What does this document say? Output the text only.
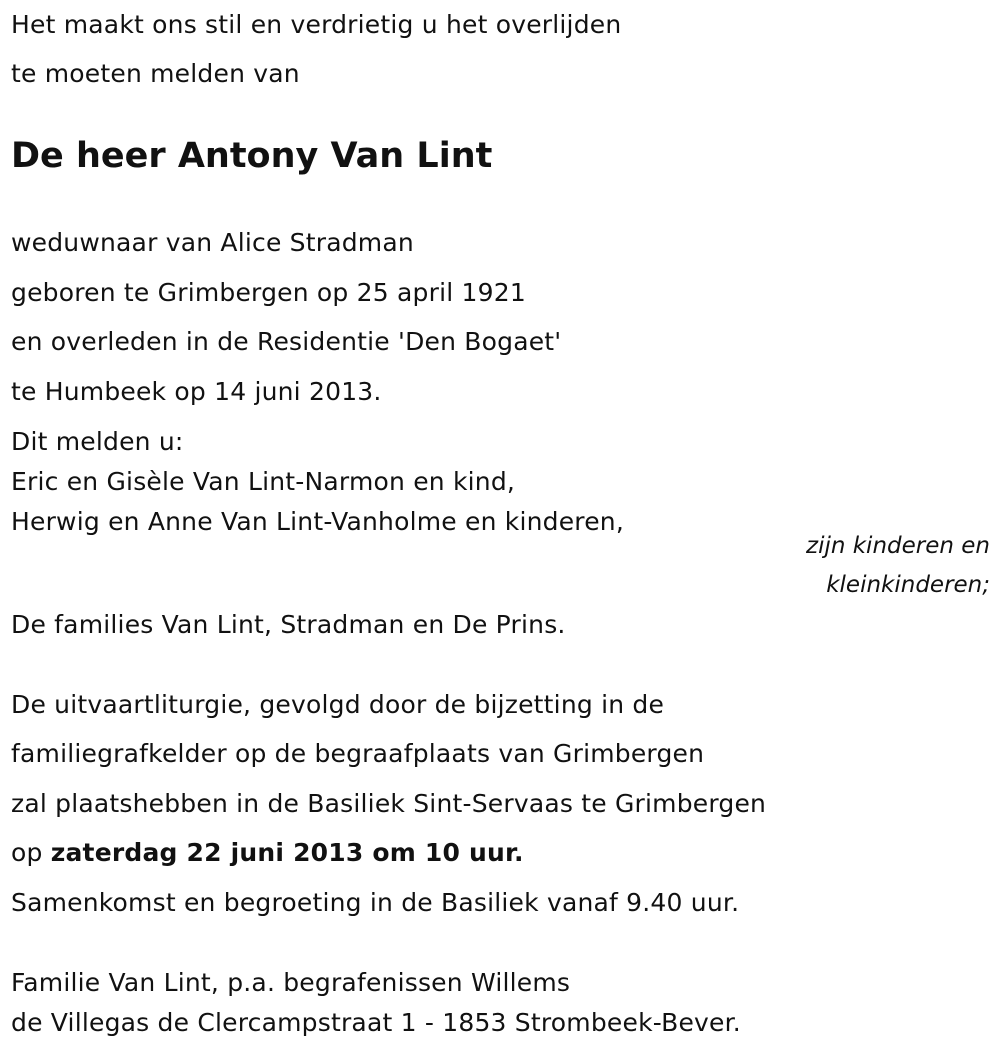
Het maakt ons stil en verdrietig u het overlijden
te moeten melden van
De heer Antony Van Lint
weduwnaar van Alice Stradman
geboren te Grimbergen op 25 april 1921
en overleden in de Residentie 'Den Bogaet'
te Humbeek op 14 juni 2013.
Dit melden u:
Eric en Gisèle Van Lint-Narmon en kind,
Herwig en Anne Van Lint-Vanholme en kinderen,
zijn kinderen en
kleinkinderen;
De families Van Lint, Stradman en De Prins.
De uitvaartliturgie, gevolgd door de bijzetting in de
familiegrafkelder op de begraafplaats van Grimbergen
zal plaatshebben in de Basiliek Sint-Servaas te Grimbergen
op zaterdag 22 juni 2013 om 10 uur.
Samenkomst en begroeting in de Basiliek vanaf 9.40 uur.
Familie Van Lint, p.a. begrafenissen Willems
de Villegas de Clercampstraat 1 - 1853 Strombeek-Bever.
